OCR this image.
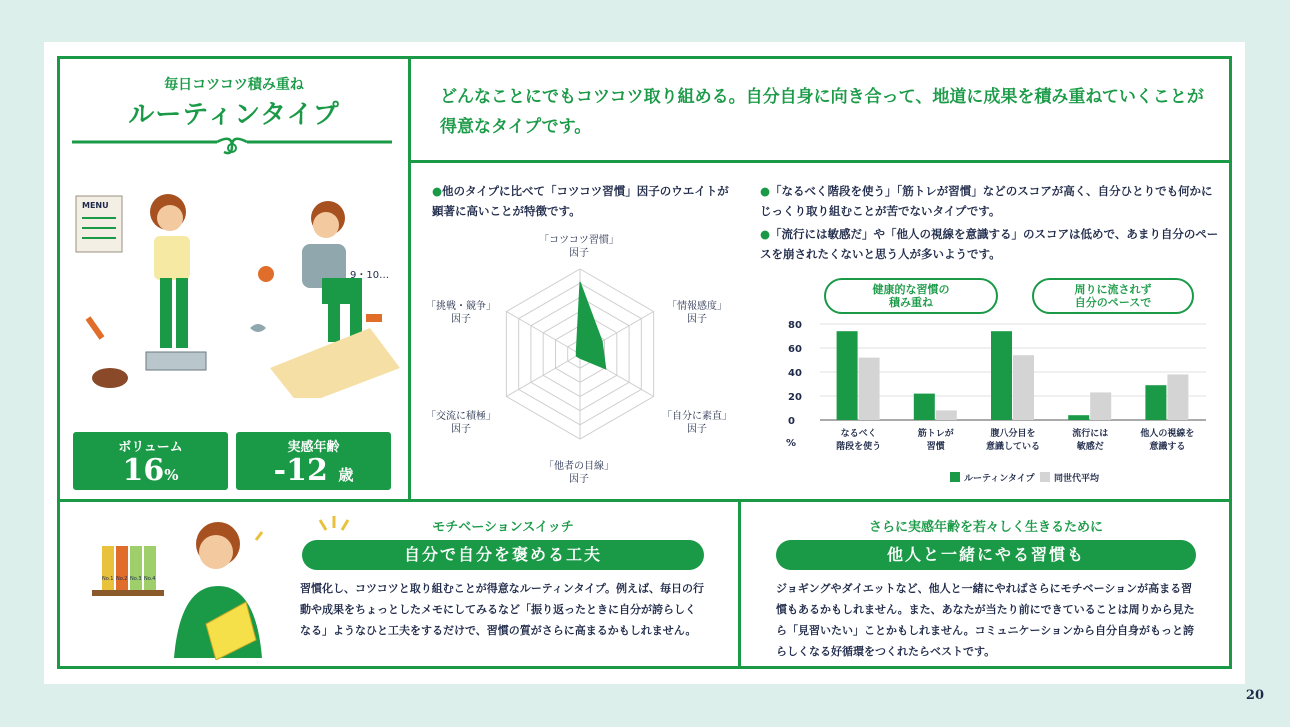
毎日コツコツ積み重ね
ルーティンタイプ
MENU
9・10…
ボリューム
16%
実感年齢
-12 歳
どんなことにでもコツコツ取り組める。自分自身に向き合って、地道に成果を積み重ねていくことが得意なタイプです。
●他のタイプに比べて「コツコツ習慣」因子のウエイトが顕著に高いことが特徴です。
「コツコツ習慣」
因子
「情報感度」
因子
「自分に素直」
因子
「他者の目線」
因子
「交流に積極」
因子
「挑戦・競争」
因子
●「なるべく階段を使う」「筋トレが習慣」などのスコアが高く、自分ひとりでも何かにじっくり取り組むことが苦でないタイプです。
●「流行には敏感だ」や「他人の視線を意識する」のスコアは低めで、あまり自分のペースを崩されたくないと思う人が多いようです。
健康的な習慣の
積み重ね
周りに流されず
自分のペースで
0
20
40
60
80
%
なるべく
階段を使う
筋トレが
習慣
腹八分目を
意識している
流行には
敏感だ
他人の視線を
意識する
ルーティンタイプ 同世代平均
No.1 No.2 No.3 No.4
モチベーションスイッチ
自分で自分を褒める工夫
習慣化し、コツコツと取り組むことが得意なルーティンタイプ。例えば、毎日の行動や成果をちょっとしたメモにしてみるなど「振り返ったときに自分が誇らしくなる」ようなひと工夫をするだけで、習慣の質がさらに高まるかもしれません。
さらに実感年齢を若々しく生きるために
他人と一緒にやる習慣も
ジョギングやダイエットなど、他人と一緒にやればさらにモチベーションが高まる習慣もあるかもしれません。また、あなたが当たり前にできていることは周りから見たら「見習いたい」ことかもしれません。コミュニケーションから自分自身がもっと誇らしくなる好循環をつくれたらベストです。
20
